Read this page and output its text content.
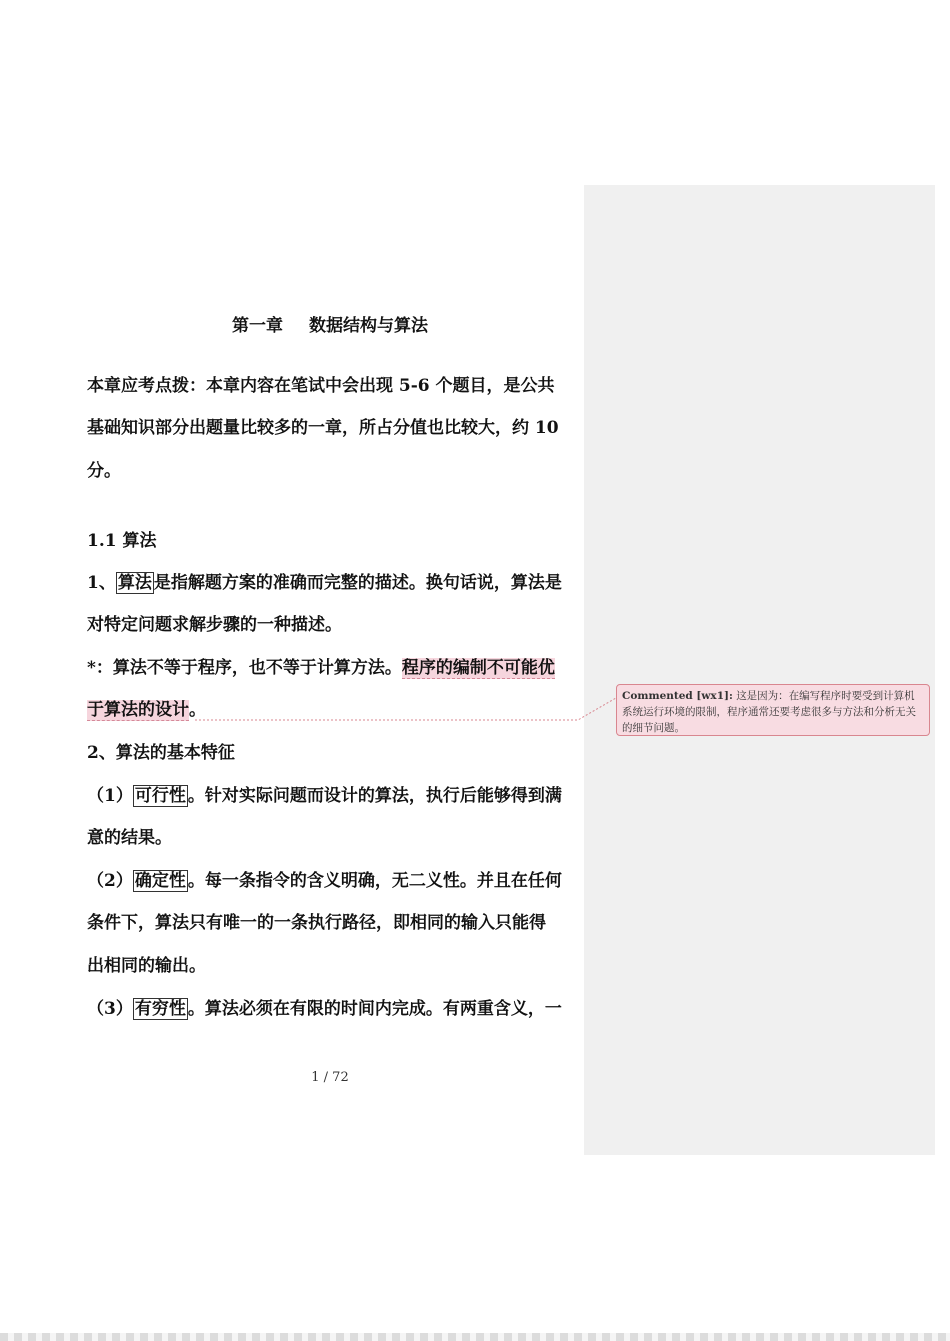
Commented [wx1]: 这是因为：在编写程序时要受到计算机系统运行环境的限制，程序通常还要考虑很多与方法和分析无关的细节问题。
第一章 数据结构与算法
本章应考点拨：本章内容在笔试中会出现 5-6 个题目，是公共
基础知识部分出题量比较多的一章，所占分值也比较大，约 10
分。
1.1 算法
1、 算法 是指解题方案的准确而完整的描述。换句话说，算法是
对特定问题求解步骤的一种描述。
*：算法不等于程序，也不等于计算方法。程序的编制不可能优
于算法的设计。
2、算法的基本特征
（1） 可行性 。针对实际问题而设计的算法，执行后能够得到满
意的结果。
（2） 确定性 。每一条指令的含义明确，无二义性。并且在任何
条件下，算法只有唯一的一条执行路径，即相同的输入只能得
出相同的输出。
（3） 有穷性 。算法必须在有限的时间内完成。有两重含义，一
1 / 72
